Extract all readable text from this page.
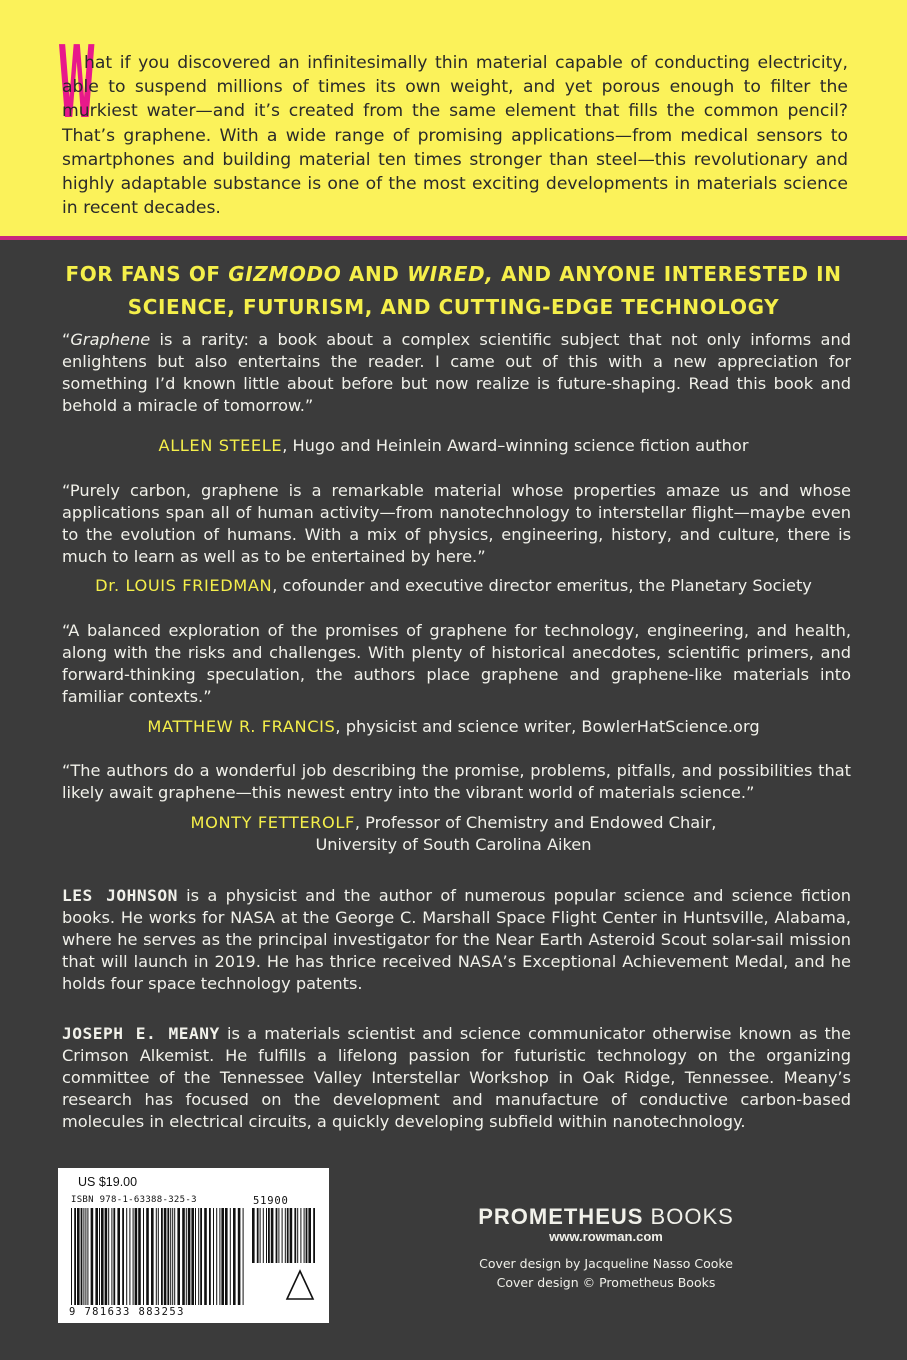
W

hat if you discovered an infinitesimally thin material capable of conducting electricity, able to suspend millions of times its own weight, and yet porous enough to filter the murkiest water—and it’s created from the same element that fills the common pencil? That’s graphene. With a wide range of promising applications—from medical sensors to smartphones and building material ten times stronger than steel—this revolutionary and highly adaptable substance is one of the most exciting developments in materials science in recent decades.

FOR FANS OF GIZMODO AND WIRED, AND ANYONE INTERESTED IN
SCIENCE, FUTURISM, AND CUTTING-EDGE TECHNOLOGY

“Graphene is a rarity: a book about a complex scientific subject that not only informs and enlightens but also entertains the reader. I came out of this with a new appreciation for something I’d known little about before but now realize is future-shaping. Read this book and behold a miracle of tomorrow.”

ALLEN STEELE, Hugo and Heinlein Award–winning science fiction author

“Purely carbon, graphene is a remarkable material whose properties amaze us and whose applications span all of human activity—from nanotechnology to interstellar flight—maybe even to the evolution of humans. With a mix of physics, engineering, history, and culture, there is much to learn as well as to be entertained by here.”

Dr. LOUIS FRIEDMAN, cofounder and executive director emeritus, the Planetary Society

“A balanced exploration of the promises of graphene for technology, engineering, and health, along with the risks and challenges. With plenty of historical anecdotes, scientific primers, and forward-thinking speculation, the authors place graphene and graphene-like materials into familiar contexts.”

MATTHEW R. FRANCIS, physicist and science writer, BowlerHatScience.org

“The authors do a wonderful job describing the promise, problems, pitfalls, and possibilities that likely await graphene—this newest entry into the vibrant world of materials science.”

MONTY FETTEROLF, Professor of Chemistry and Endowed Chair,
University of South Carolina Aiken

LES JOHNSON is a physicist and the author of numerous popular science and science fiction books. He works for NASA at the George C. Marshall Space Flight Center in Huntsville, Alabama, where he serves as the principal investigator for the Near Earth Asteroid Scout solar-sail mission that will launch in 2019. He has thrice received NASA’s Exceptional Achievement Medal, and he holds four space technology patents.

JOSEPH E. MEANY is a materials scientist and science communicator otherwise known as the Crimson Alkemist. He fulfills a lifelong passion for futuristic technology on the organizing committee of the Tennessee Valley Interstellar Workshop in Oak Ridge, Tennessee. Meany’s research has focused on the development and manufacture of conductive carbon-based molecules in electrical circuits, a quickly developing subfield within nanotechnology.

US $19.00

ISBN 978-1-63388-325-3	51900

9 781633 883253

PROMETHEUS BOOKS

www.rowman.com

Cover design by Jacqueline Nasso Cooke

Cover design © Prometheus Books
